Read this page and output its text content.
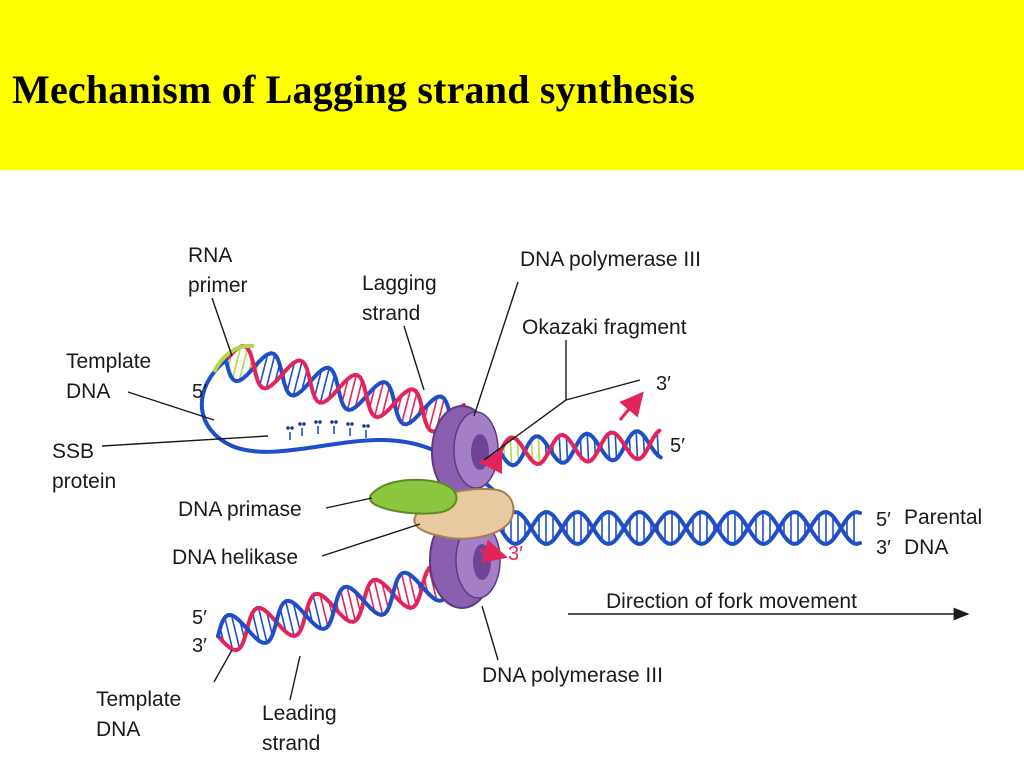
Mechanism of Lagging strand synthesis
RNA
primer	Lagging
strand
DNA polymerase III
Okazaki fragment
Template
DNA
SSB
protein
DNA primase
DNA helikase
Parental
DNA
Direction of fork movement
DNA polymerase III
Template
DNA
Leading
strand
5′	3′
5′
5′
3′
3′
5′
3′
